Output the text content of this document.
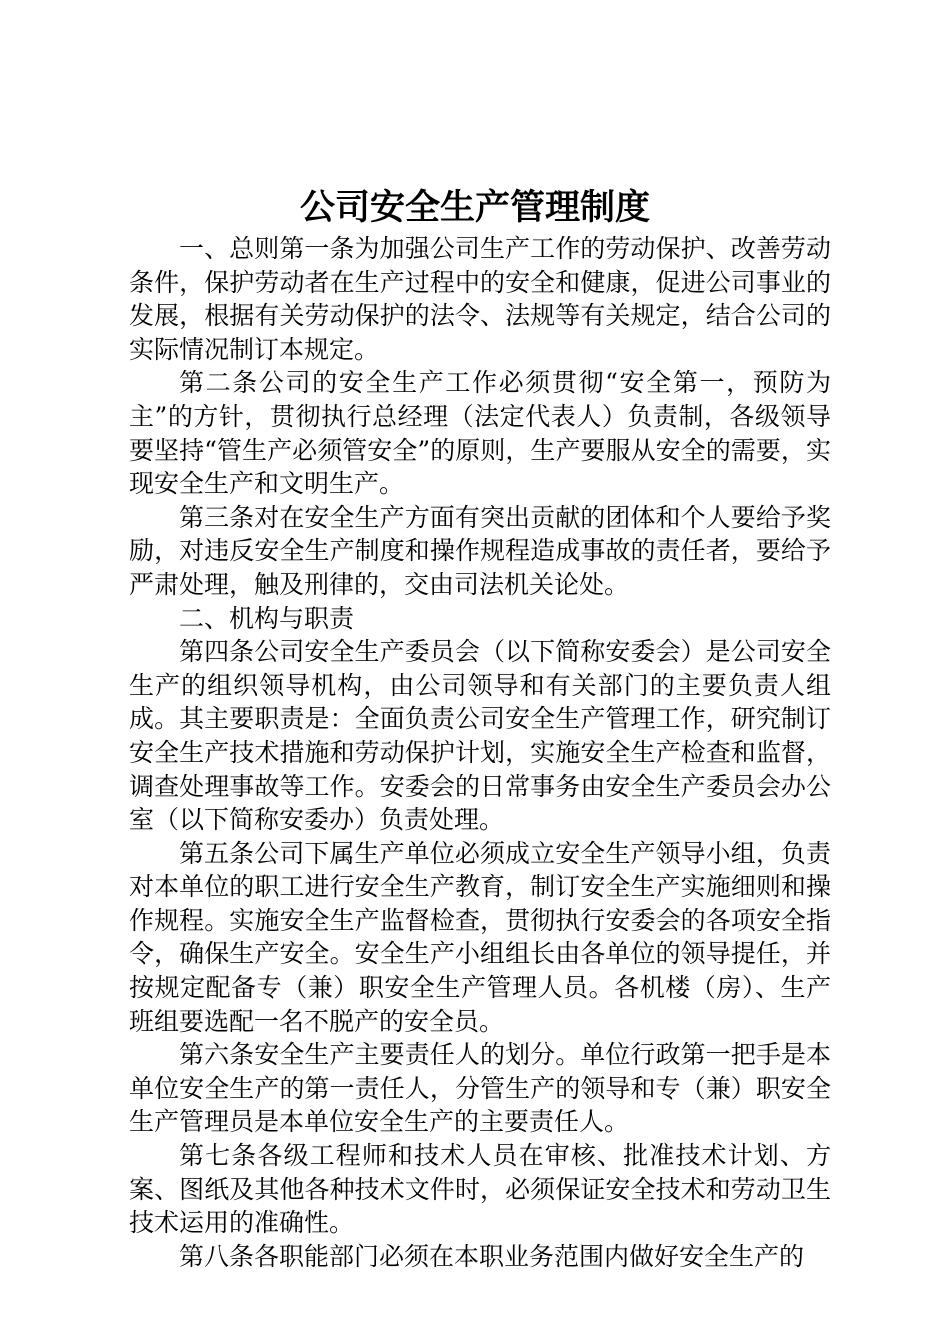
公司安全生产管理制度

一、总则第一条为加强公司生产工作的劳动保护、改善劳动条件，保护劳动者在生产过程中的安全和健康，促进公司事业的发展，根据有关劳动保护的法令、法规等有关规定，结合公司的实际情况制订本规定。

第二条公司的安全生产工作必须贯彻“安全第一，预防为主”的方针，贯彻执行总经理（法定代表人）负责制，各级领导要坚持“管生产必须管安全”的原则，生产要服从安全的需要，实现安全生产和文明生产。

第三条对在安全生产方面有突出贡献的团体和个人要给予奖励，对违反安全生产制度和操作规程造成事故的责任者，要给予严肃处理，触及刑律的，交由司法机关论处。

二、机构与职责

第四条公司安全生产委员会（以下简称安委会）是公司安全生产的组织领导机构，由公司领导和有关部门的主要负责人组成。其主要职责是：全面负责公司安全生产管理工作，研究制订安全生产技术措施和劳动保护计划，实施安全生产检查和监督，调查处理事故等工作。安委会的日常事务由安全生产委员会办公室（以下简称安委办）负责处理。

第五条公司下属生产单位必须成立安全生产领导小组，负责对本单位的职工进行安全生产教育，制订安全生产实施细则和操作规程。实施安全生产监督检查，贯彻执行安委会的各项安全指令，确保生产安全。安全生产小组组长由各单位的领导提任，并按规定配备专（兼）职安全生产管理人员。各机楼（房）、生产班组要选配一名不脱产的安全员。

第六条安全生产主要责任人的划分。单位行政第一把手是本单位安全生产的第一责任人，分管生产的领导和专（兼）职安全生产管理员是本单位安全生产的主要责任人。

第七条各级工程师和技术人员在审核、批准技术计划、方案、图纸及其他各种技术文件时，必须保证安全技术和劳动卫生技术运用的准确性。

第八条各职能部门必须在本职业务范围内做好安全生产的
